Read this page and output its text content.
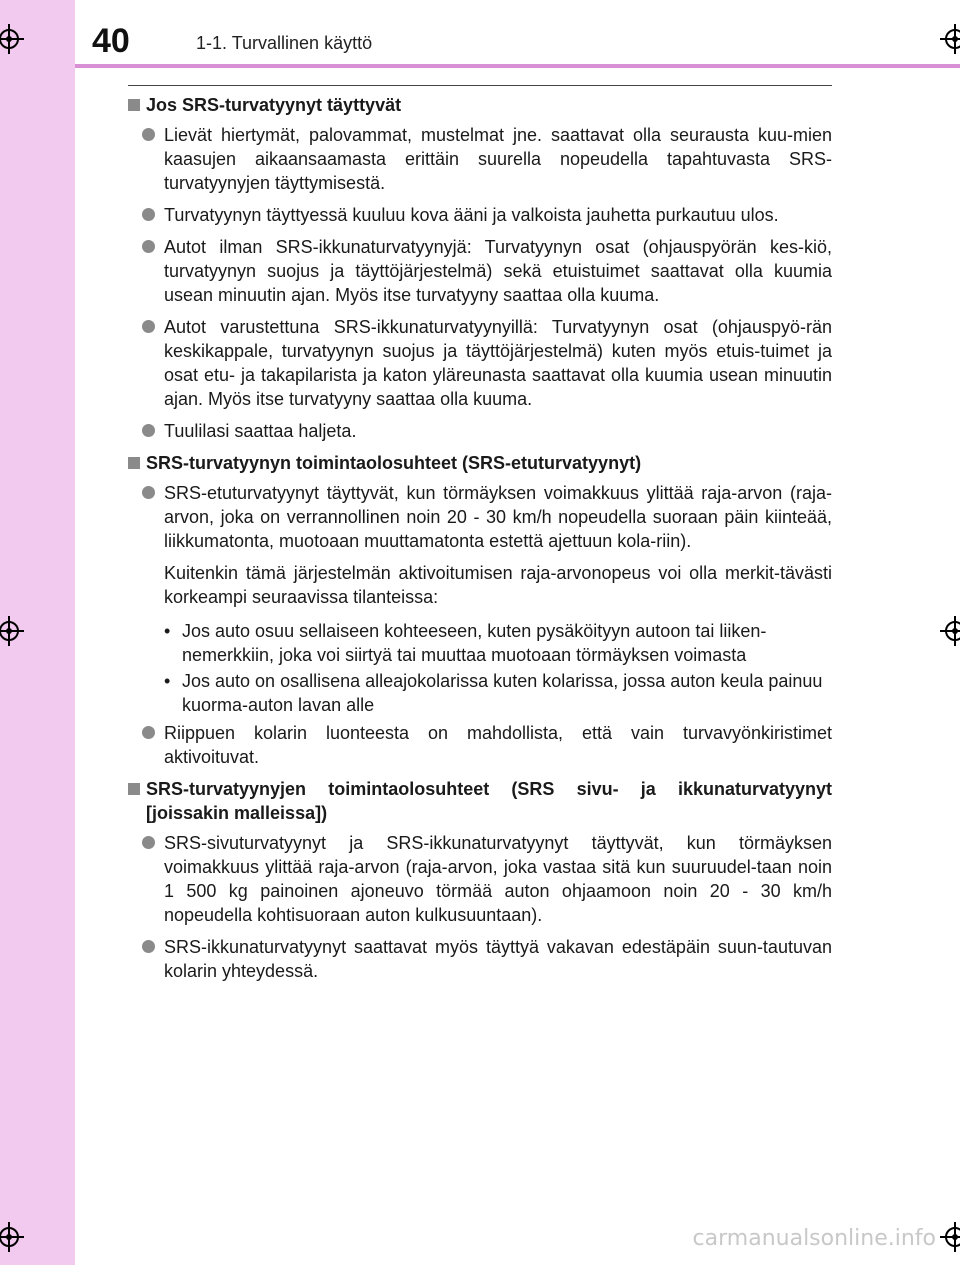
40	1-1. Turvallinen käyttö
Jos SRS-turvatyynyt täyttyvät
Lievät hiertymät, palovammat, mustelmat jne. saattavat olla seurausta kuu-mien kaasujen aikaansaamasta erittäin suurella nopeudella tapahtuvasta SRS-turvatyynyjen täyttymisestä.
Turvatyynyn täyttyessä kuuluu kova ääni ja valkoista jauhetta purkautuu ulos.
Autot ilman SRS-ikkunaturvatyynyjä: Turvatyynyn osat (ohjauspyörän kes-kiö, turvatyynyn suojus ja täyttöjärjestelmä) sekä etuistuimet saattavat olla kuumia usean minuutin ajan. Myös itse turvatyyny saattaa olla kuuma.
Autot varustettuna SRS-ikkunaturvatyynyillä: Turvatyynyn osat (ohjauspyö-rän keskikappale, turvatyynyn suojus ja täyttöjärjestelmä) kuten myös etuis-tuimet ja osat etu- ja takapilarista ja katon yläreunasta saattavat olla kuumia usean minuutin ajan. Myös itse turvatyyny saattaa olla kuuma.
Tuulilasi saattaa haljeta.
SRS-turvatyynyn toimintaolosuhteet (SRS-etuturvatyynyt)
SRS-etuturvatyynyt täyttyvät, kun törmäyksen voimakkuus ylittää raja-arvon (raja-arvon, joka on verrannollinen noin 20 - 30 km/h nopeudella suoraan päin kiinteää, liikkumatonta, muotoaan muuttamatonta estettä ajettuun kola-riin).
Kuitenkin tämä järjestelmän aktivoitumisen raja-arvonopeus voi olla merkit-tävästi korkeampi seuraavissa tilanteissa:
• Jos auto osuu sellaiseen kohteeseen, kuten pysäköityyn autoon tai liiken-nemerkkiin, joka voi siirtyä tai muuttaa muotoaan törmäyksen voimasta
• Jos auto on osallisena alleajokolarissa kuten kolarissa, jossa auton keula painuu kuorma-auton lavan alle
Riippuen kolarin luonteesta on mahdollista, että vain turvavyönkiristimet aktivoituvat.
SRS-turvatyynyjen toimintaolosuhteet (SRS sivu- ja ikkunaturvatyynyt [joissakin malleissa])
SRS-sivuturvatyynyt ja SRS-ikkunaturvatyynyt täyttyvät, kun törmäyksen voimakkuus ylittää raja-arvon (raja-arvon, joka vastaa sitä kun suuruudel-taan noin 1 500 kg painoinen ajoneuvo törmää auton ohjaamoon noin 20 - 30 km/h nopeudella kohtisuoraan auton kulkusuuntaan).
SRS-ikkunaturvatyynyt saattavat myös täyttyä vakavan edestäpäin suun-tautuvan kolarin yhteydessä.
carmanualsonline.info
